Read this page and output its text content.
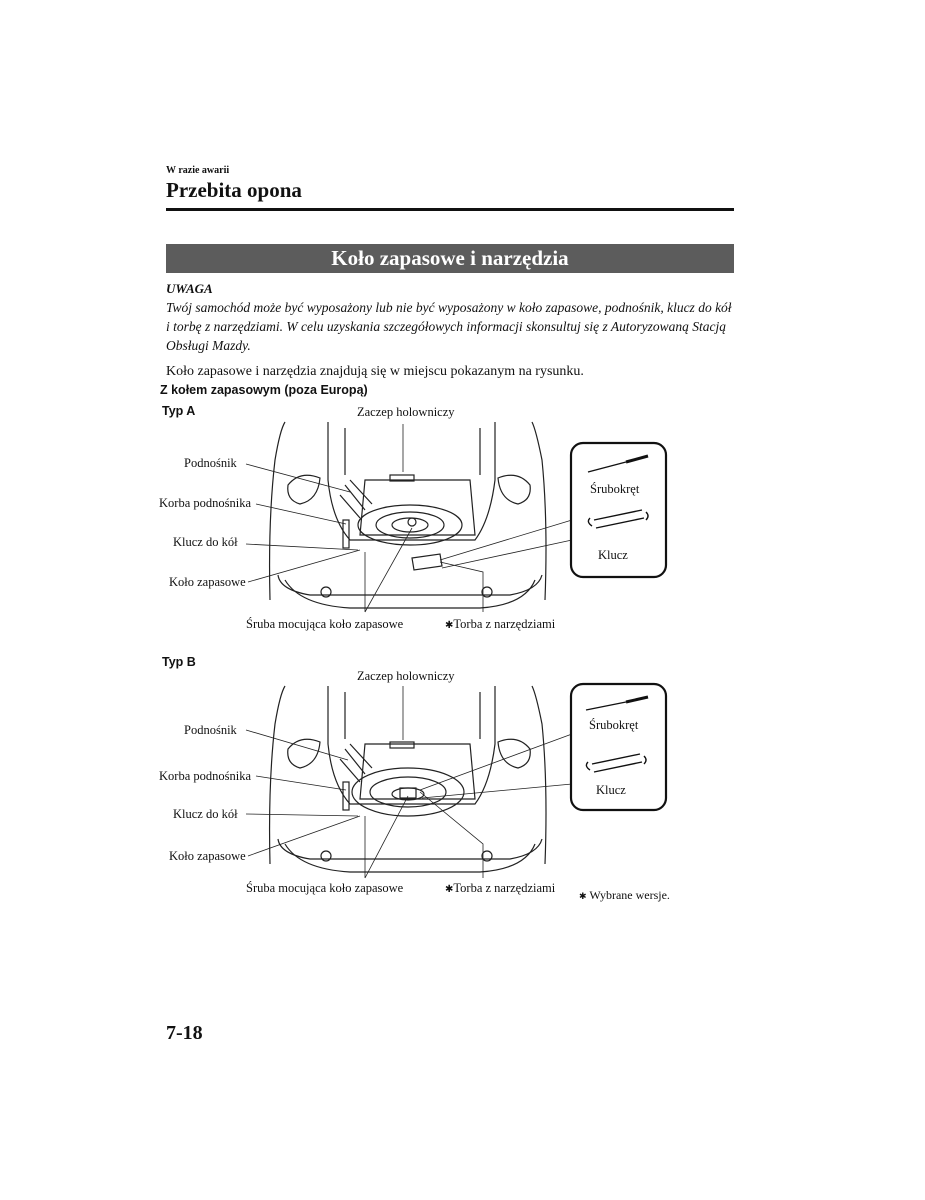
W razie awarii
Przebita opona
Koło zapasowe i narzędzia
UWAGA
Twój samochód może być wyposażony lub nie być wyposażony w koło zapasowe, podnośnik, klucz do kół i torbę z narzędziami. W celu uzyskania szczegółowych informacji skonsultuj się z Autoryzowaną Stacją Obsługi Mazdy.
Koło zapasowe i narzędzia znajdują się w miejscu pokazanym na rysunku.
Z kołem zapasowym (poza Europą)
Typ A	Zaczep holowniczy
Podnośnik
Korba podnośnika
Klucz do kół
Koło zapasowe
Śruba mocująca koło zapasowe	✱Torba z narzędziami
Śrubokręt
Klucz
Typ B
Zaczep holowniczy
Podnośnik
Korba podnośnika
Klucz do kół
Koło zapasowe
Śruba mocująca koło zapasowe	✱Torba z narzędziami
Śrubokręt
Klucz
✱ Wybrane wersje.
7-18
